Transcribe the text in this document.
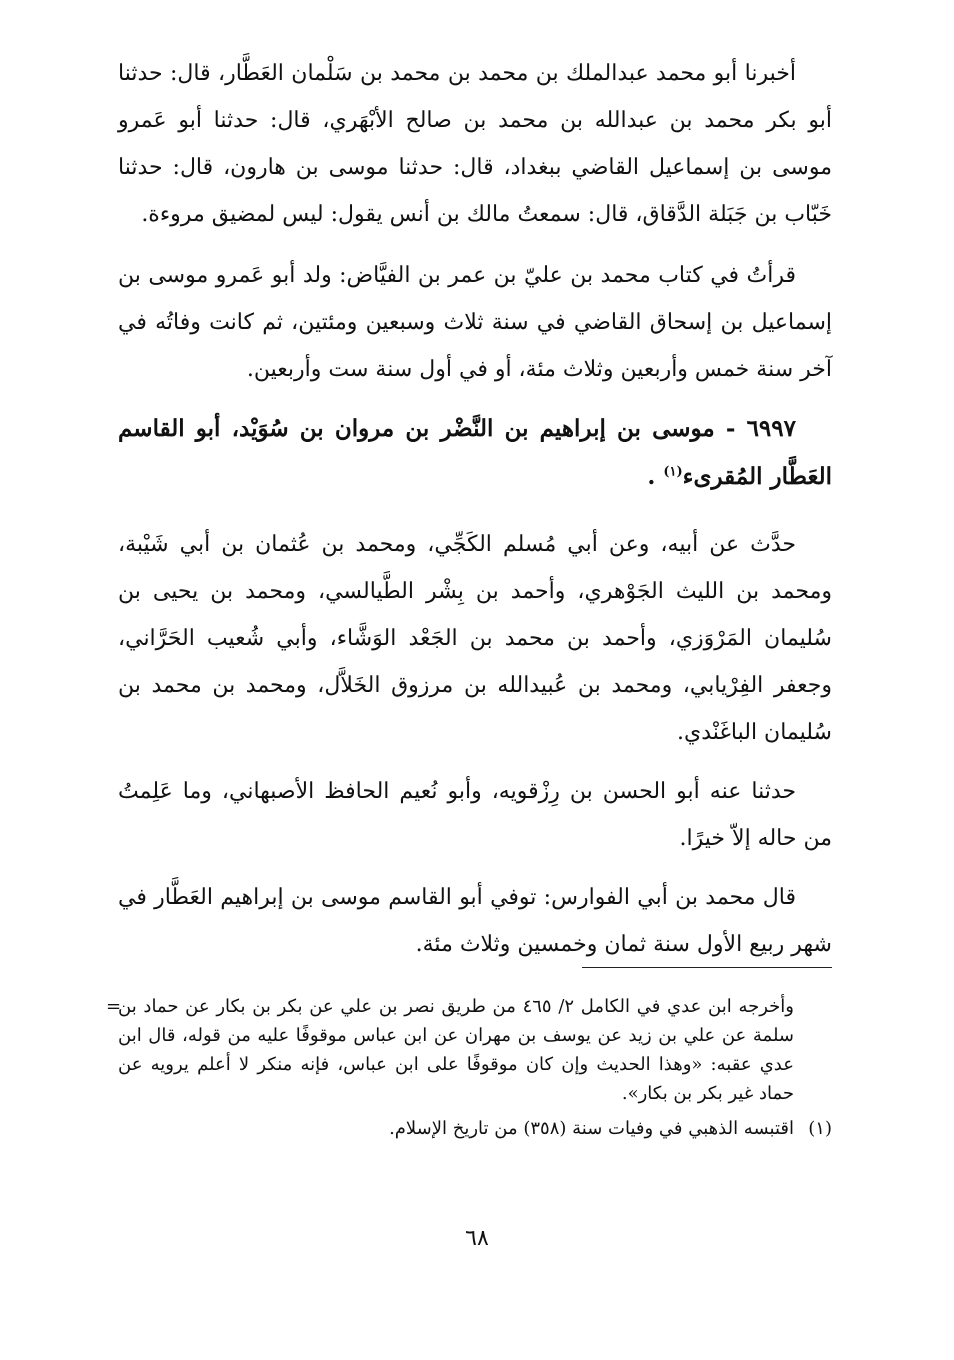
أخبرنا أبو محمد عبدالملك بن محمد بن محمد بن سَلْمان العَطَّار، قال: حدثنا أبو بكر محمد بن عبدالله بن محمد بن صالح الأبْهَري، قال: حدثنا أبو عَمرو موسى بن إسماعيل القاضي ببغداد، قال: حدثنا موسى بن هارون، قال: حدثنا خَبّاب بن جَبَلة الدَّقاق، قال: سمعتُ مالك بن أنس يقول: ليس لمضيق مروءة.

قرأتُ في كتاب محمد بن عليّ بن عمر بن الفيَّاض: ولد أبو عَمرو موسى بن إسماعيل بن إسحاق القاضي في سنة ثلاث وسبعين ومئتين، ثم كانت وفاتُه في آخر سنة خمس وأربعين وثلاث مئة، أو في أول سنة ست وأربعين.

٦٩٩٧ - موسى بن إبراهيم بن النَّضْر بن مروان بن سُوَيْد، أبو القاسم العَطَّار المُقرىء$^{(١)}$ .

حدَّث عن أبيه، وعن أبي مُسلم الكَجِّي، ومحمد بن عُثمان بن أبي شَيْبة، ومحمد بن الليث الجَوْهري، وأحمد بن بِشْر الطَّيالسي، ومحمد بن يحيى بن سُليمان المَرْوَزي، وأحمد بن محمد بن الجَعْد الوَشَّاء، وأبي شُعيب الحَرَّاني، وجعفر الفِرْيابي، ومحمد بن عُبيدالله بن مرزوق الخَلاَّل، ومحمد بن محمد بن سُليمان الباغَنْدي.

حدثنا عنه أبو الحسن بن رِزْقويه، وأبو نُعيم الحافظ الأصبهاني، وما عَلِمتُ من حاله إلاّ خيرًا.

قال محمد بن أبي الفوارس: توفي أبو القاسم موسى بن إبراهيم العَطَّار في شهر ربيع الأول سنة ثمان وخمسين وثلاث مئة.

=
وأخرجه ابن عدي في الكامل ٢/ ٤٦٥ من طريق نصر بن علي عن بكر بن بكار عن حماد بن سلمة عن علي بن زيد عن يوسف بن مهران عن ابن عباس موقوفًا عليه من قوله، قال ابن عدي عقبه: «وهذا الحديث وإن كان موقوفًا على ابن عباس، فإنه منكر لا أعلم يرويه عن حماد غير بكر بن بكار».

(١)اقتبسه الذهبي في وفيات سنة (٣٥٨) من تاريخ الإسلام.

٦٨
